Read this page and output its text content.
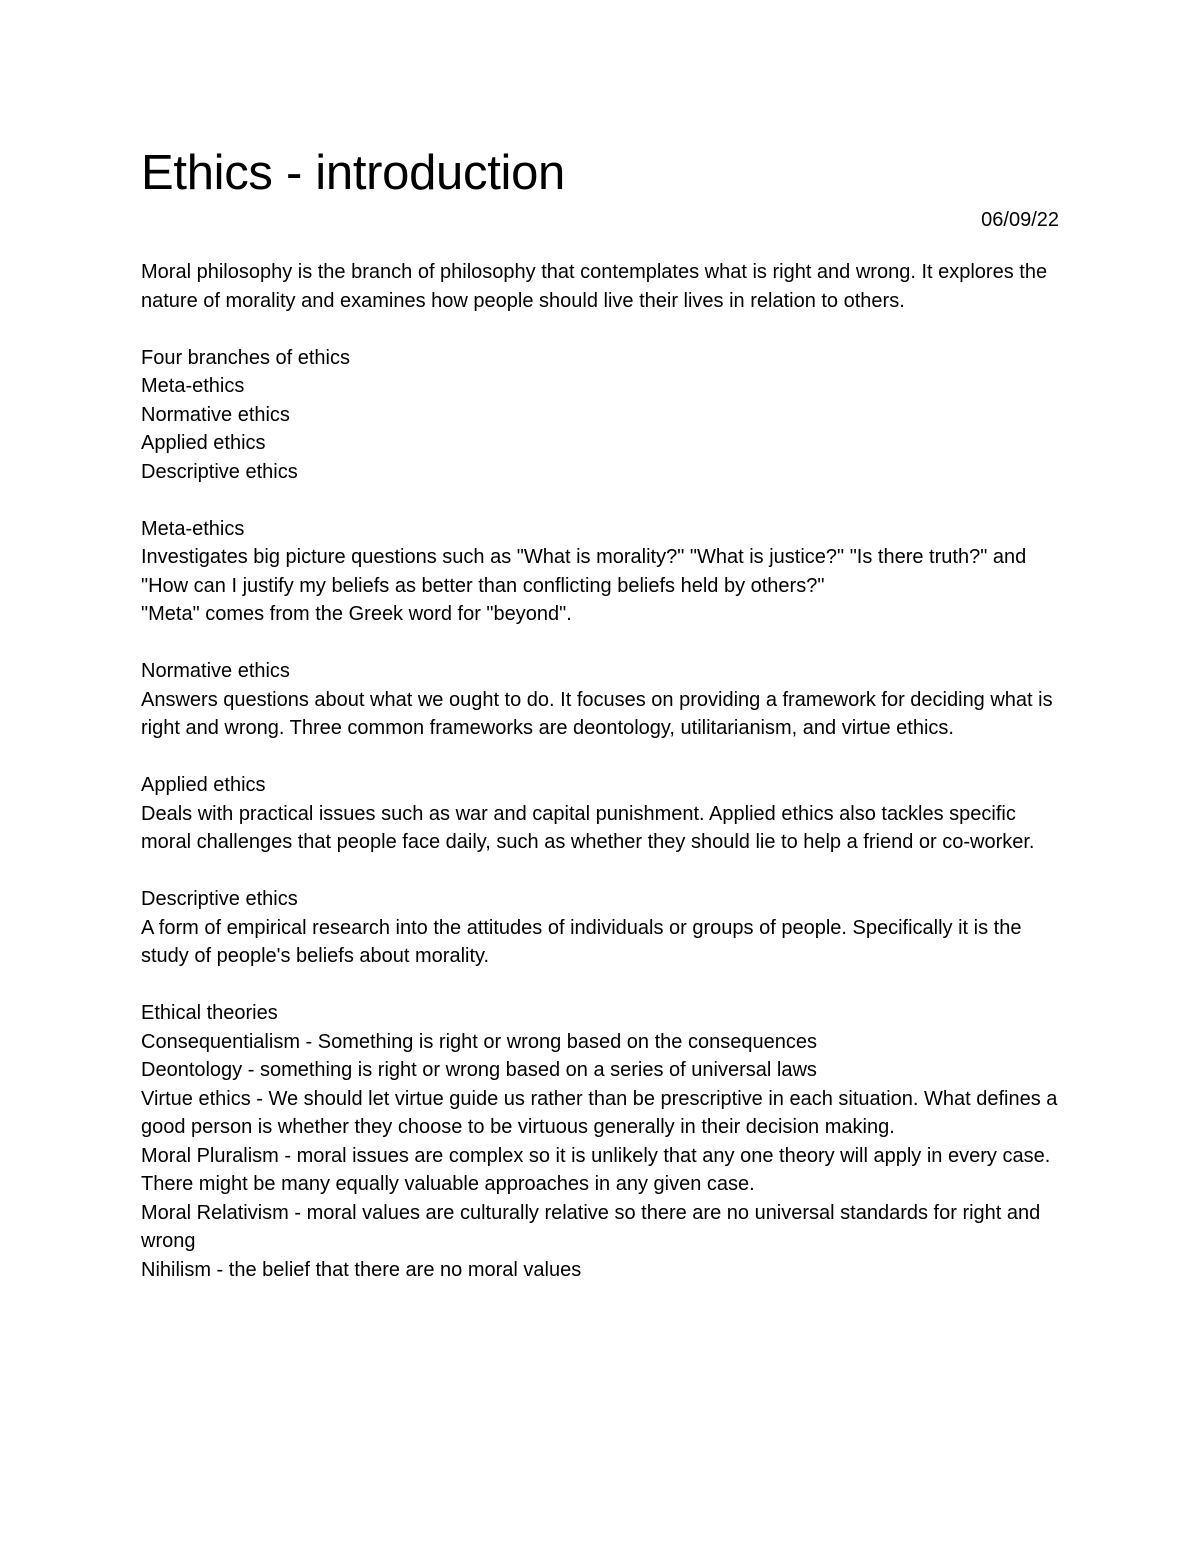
Ethics - introduction
06/09/22
Moral philosophy is the branch of philosophy that contemplates what is right and wrong. It explores the nature of morality and examines how people should live their lives in relation to others.
Four branches of ethics
Meta-ethics
Normative ethics
Applied ethics
Descriptive ethics
Meta-ethics
Investigates big picture questions such as "What is morality?" "What is justice?" "Is there truth?" and "How can I justify my beliefs as better than conflicting beliefs held by others?"
"Meta" comes from the Greek word for "beyond".
Normative ethics
Answers questions about what we ought to do. It focuses on providing a framework for deciding what is right and wrong. Three common frameworks are deontology, utilitarianism, and virtue ethics.
Applied ethics
Deals with practical issues such as war and capital punishment. Applied ethics also tackles specific moral challenges that people face daily, such as whether they should lie to help a friend or co-worker.
Descriptive ethics
A form of empirical research into the attitudes of individuals or groups of people. Specifically it is the study of people's beliefs about morality.
Ethical theories
Consequentialism - Something is right or wrong based on the consequences
Deontology - something is right or wrong based on a series of universal laws
Virtue ethics - We should let virtue guide us rather than be prescriptive in each situation. What defines a good person is whether they choose to be virtuous generally in their decision making.
Moral Pluralism - moral issues are complex so it is unlikely that any one theory will apply in every case. There might be many equally valuable approaches in any given case.
Moral Relativism - moral values are culturally relative so there are no universal standards for right and wrong
Nihilism - the belief that there are no moral values
